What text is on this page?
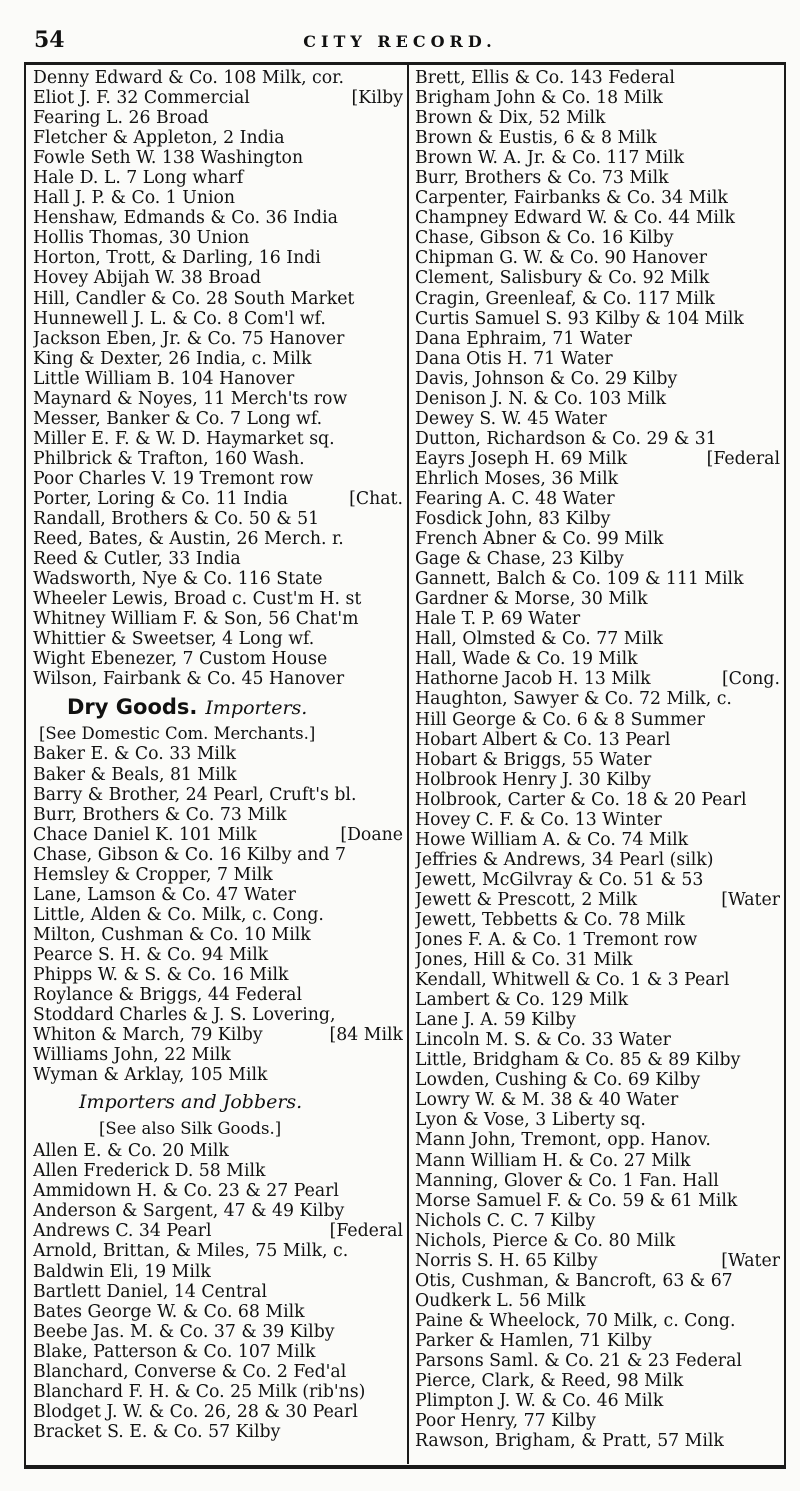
54	CITY RECORD.
Denny Edward & Co. 108 Milk, cor.
Eliot J. F. 32 Commercial	[Kilby
Fearing L. 26 Broad
Fletcher & Appleton, 2 India
Fowle Seth W. 138 Washington
Hale D. L. 7 Long wharf
Hall J. P. & Co. 1 Union
Henshaw, Edmands & Co. 36 India
Hollis Thomas, 30 Union
Horton, Trott, & Darling, 16 Indi
Hovey Abijah W. 38 Broad
Hill, Candler & Co. 28 South Market
Hunnewell J. L. & Co. 8 Com'l wf.
Jackson Eben, Jr. & Co. 75 Hanover
King & Dexter, 26 India, c. Milk
Little William B. 104 Hanover
Maynard & Noyes, 11 Merch'ts row
Messer, Banker & Co. 7 Long wf.
Miller E. F. & W. D. Haymarket sq.
Philbrick & Trafton, 160 Wash.
Poor Charles V. 19 Tremont row
Porter, Loring & Co. 11 India	[Chat.
Randall, Brothers & Co. 50 & 51
Reed, Bates, & Austin, 26 Merch. r.
Reed & Cutler, 33 India
Wadsworth, Nye & Co. 116 State
Wheeler Lewis, Broad c. Cust'm H. st
Whitney William F. & Son, 56 Chat'm
Whittier & Sweetser, 4 Long wf.
Wight Ebenezer, 7 Custom House
Wilson, Fairbank & Co. 45 Hanover
Dry Goods. Importers.
[See Domestic Com. Merchants.]
Baker E. & Co. 33 Milk
Baker & Beals, 81 Milk
Barry & Brother, 24 Pearl, Cruft's bl.
Burr, Brothers & Co. 73 Milk
Chace Daniel K. 101 Milk	[Doane
Chase, Gibson & Co. 16 Kilby and 7
Hemsley & Cropper, 7 Milk
Lane, Lamson & Co. 47 Water
Little, Alden & Co. Milk, c. Cong.
Milton, Cushman & Co. 10 Milk
Pearce S. H. & Co. 94 Milk
Phipps W. & S. & Co. 16 Milk
Roylance & Briggs, 44 Federal
Stoddard Charles & J. S. Lovering,
Whiton & March, 79 Kilby	[84 Milk
Williams John, 22 Milk
Wyman & Arklay, 105 Milk
Importers and Jobbers.
[See also Silk Goods.]
Allen E. & Co. 20 Milk
Allen Frederick D. 58 Milk
Ammidown H. & Co. 23 & 27 Pearl
Anderson & Sargent, 47 & 49 Kilby
Andrews C. 34 Pearl	[Federal
Arnold, Brittan, & Miles, 75 Milk, c.
Baldwin Eli, 19 Milk
Bartlett Daniel, 14 Central
Bates George W. & Co. 68 Milk
Beebe Jas. M. & Co. 37 & 39 Kilby
Blake, Patterson & Co. 107 Milk
Blanchard, Converse & Co. 2 Fed'al
Blanchard F. H. & Co. 25 Milk (rib'ns)
Blodget J. W. & Co. 26, 28 & 30 Pearl
Bracket S. E. & Co. 57 Kilby
Brett, Ellis & Co. 143 Federal
Brigham John & Co. 18 Milk
Brown & Dix, 52 Milk
Brown & Eustis, 6 & 8 Milk
Brown W. A. Jr. & Co. 117 Milk
Burr, Brothers & Co. 73 Milk
Carpenter, Fairbanks & Co. 34 Milk
Champney Edward W. & Co. 44 Milk
Chase, Gibson & Co. 16 Kilby
Chipman G. W. & Co. 90 Hanover
Clement, Salisbury & Co. 92 Milk
Cragin, Greenleaf, & Co. 117 Milk
Curtis Samuel S. 93 Kilby & 104 Milk
Dana Ephraim, 71 Water
Dana Otis H. 71 Water
Davis, Johnson & Co. 29 Kilby
Denison J. N. & Co. 103 Milk
Dewey S. W. 45 Water
Dutton, Richardson & Co. 29 & 31
Eayrs Joseph H. 69 Milk	[Federal
Ehrlich Moses, 36 Milk
Fearing A. C. 48 Water
Fosdick John, 83 Kilby
French Abner & Co. 99 Milk
Gage & Chase, 23 Kilby
Gannett, Balch & Co. 109 & 111 Milk
Gardner & Morse, 30 Milk
Hale T. P. 69 Water
Hall, Olmsted & Co. 77 Milk
Hall, Wade & Co. 19 Milk
Hathorne Jacob H. 13 Milk	[Cong.
Haughton, Sawyer & Co. 72 Milk, c.
Hill George & Co. 6 & 8 Summer
Hobart Albert & Co. 13 Pearl
Hobart & Briggs, 55 Water
Holbrook Henry J. 30 Kilby
Holbrook, Carter & Co. 18 & 20 Pearl
Hovey C. F. & Co. 13 Winter
Howe William A. & Co. 74 Milk
Jeffries & Andrews, 34 Pearl (silk)
Jewett, McGilvray & Co. 51 & 53
Jewett & Prescott, 2 Milk	[Water
Jewett, Tebbetts & Co. 78 Milk
Jones F. A. & Co. 1 Tremont row
Jones, Hill & Co. 31 Milk
Kendall, Whitwell & Co. 1 & 3 Pearl
Lambert & Co. 129 Milk
Lane J. A. 59 Kilby
Lincoln M. S. & Co. 33 Water
Little, Bridgham & Co. 85 & 89 Kilby
Lowden, Cushing & Co. 69 Kilby
Lowry W. & M. 38 & 40 Water
Lyon & Vose, 3 Liberty sq.
Mann John, Tremont, opp. Hanov.
Mann William H. & Co. 27 Milk
Manning, Glover & Co. 1 Fan. Hall
Morse Samuel F. & Co. 59 & 61 Milk
Nichols C. C. 7 Kilby
Nichols, Pierce & Co. 80 Milk
Norris S. H. 65 Kilby	[Water
Otis, Cushman, & Bancroft, 63 & 67
Oudkerk L. 56 Milk
Paine & Wheelock, 70 Milk, c. Cong.
Parker & Hamlen, 71 Kilby
Parsons Saml. & Co. 21 & 23 Federal
Pierce, Clark, & Reed, 98 Milk
Plimpton J. W. & Co. 46 Milk
Poor Henry, 77 Kilby
Rawson, Brigham, & Pratt, 57 Milk
